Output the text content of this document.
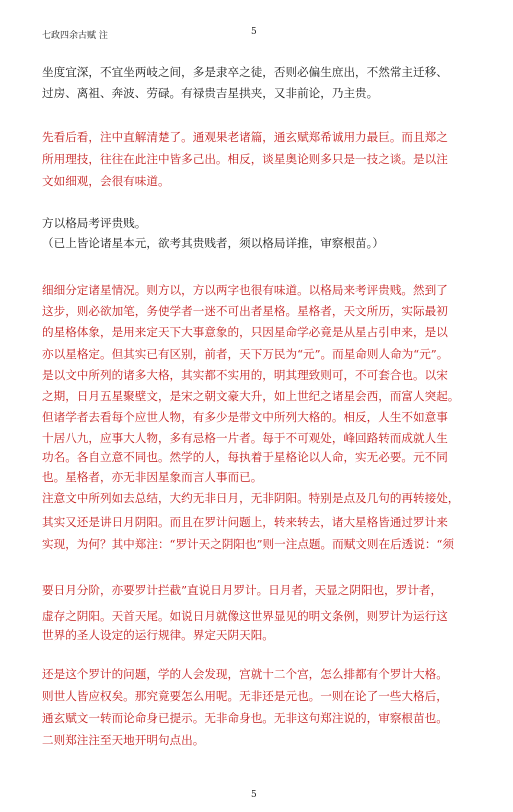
七政四余古赋 注	5
坐度宜深，不宜坐两岐之间，多是隶卒之徒，否则必偏生庶出，不然常主迁移、
过房、离祖、奔波、劳碌。有禄贵吉星拱夹，又非前论，乃主贵。
先看后看，注中直解清楚了。通观果老诸篇，通玄赋郑希诚用力最巨。而且郑之
所用理技，往往在此注中皆多己出。相反，谈星奥论则多只是一技之谈。是以注
文如细观，会很有味道。
方以格局考评贵贱。
（已上皆论诸星本元，欲考其贵贱者，须以格局详推，审察根苗。）
细细分定诸星情况。则方以，方以两字也很有味道。以格局来考评贵贱。然到了
这步，则必欲加笔，务使学者一迷不可出者星格。星格者，天文所历，实际最初
的星格体象，是用来定天下大事意象的，只因星命学必竟是从星占引申来，是以
亦以星格定。但其实已有区别，前者，天下万民为“元”。而星命则人命为“元”。
是以文中所列的诸多大格，其实都不实用的，明其理致则可，不可套合也。以宋
之期，日月五星聚壁文，是宋之朝文豪大升，如上世纪之诸星会西，而富人突起。
但诸学者去看每个应世人物，有多少是带文中所列大格的。相反，人生不如意事
十居八九，应事大人物，多有忌格一片者。每于不可观处，峰回路转而成就人生
功名。各自立意不同也。然学的人，每执着于星格论以人命，实无必要。元不同
也。星格者，亦无非因星象而言人事而已。
注意文中所列如去总结，大约无非日月，无非阴阳。特别是点及几句的再转接处，
其实又还是讲日月阴阳。而且在罗计问题上，转来转去，诸大星格皆通过罗计来
实现，为何？其中郑注：“罗计天之阴阳也”则一注点题。而赋文则在后透说：“须
要日月分阶，亦要罗计拦截”直说日月罗计。日月者，天显之阴阳也，罗计者，
虚存之阴阳。天首天尾。如说日月就像这世界显见的明文条例，则罗计为运行这
世界的圣人设定的运行规律。界定天阴天阳。
还是这个罗计的问题，学的人会发现，宫就十二个宫，怎么排都有个罗计大格。
则世人皆应权矣。那究竟要怎么用呢。无非还是元也。一则在论了一些大格后，
通玄赋文一转而论命身已提示。无非命身也。无非这句郑注说的，审察根苗也。
二则郑注注至天地开明句点出。
5
